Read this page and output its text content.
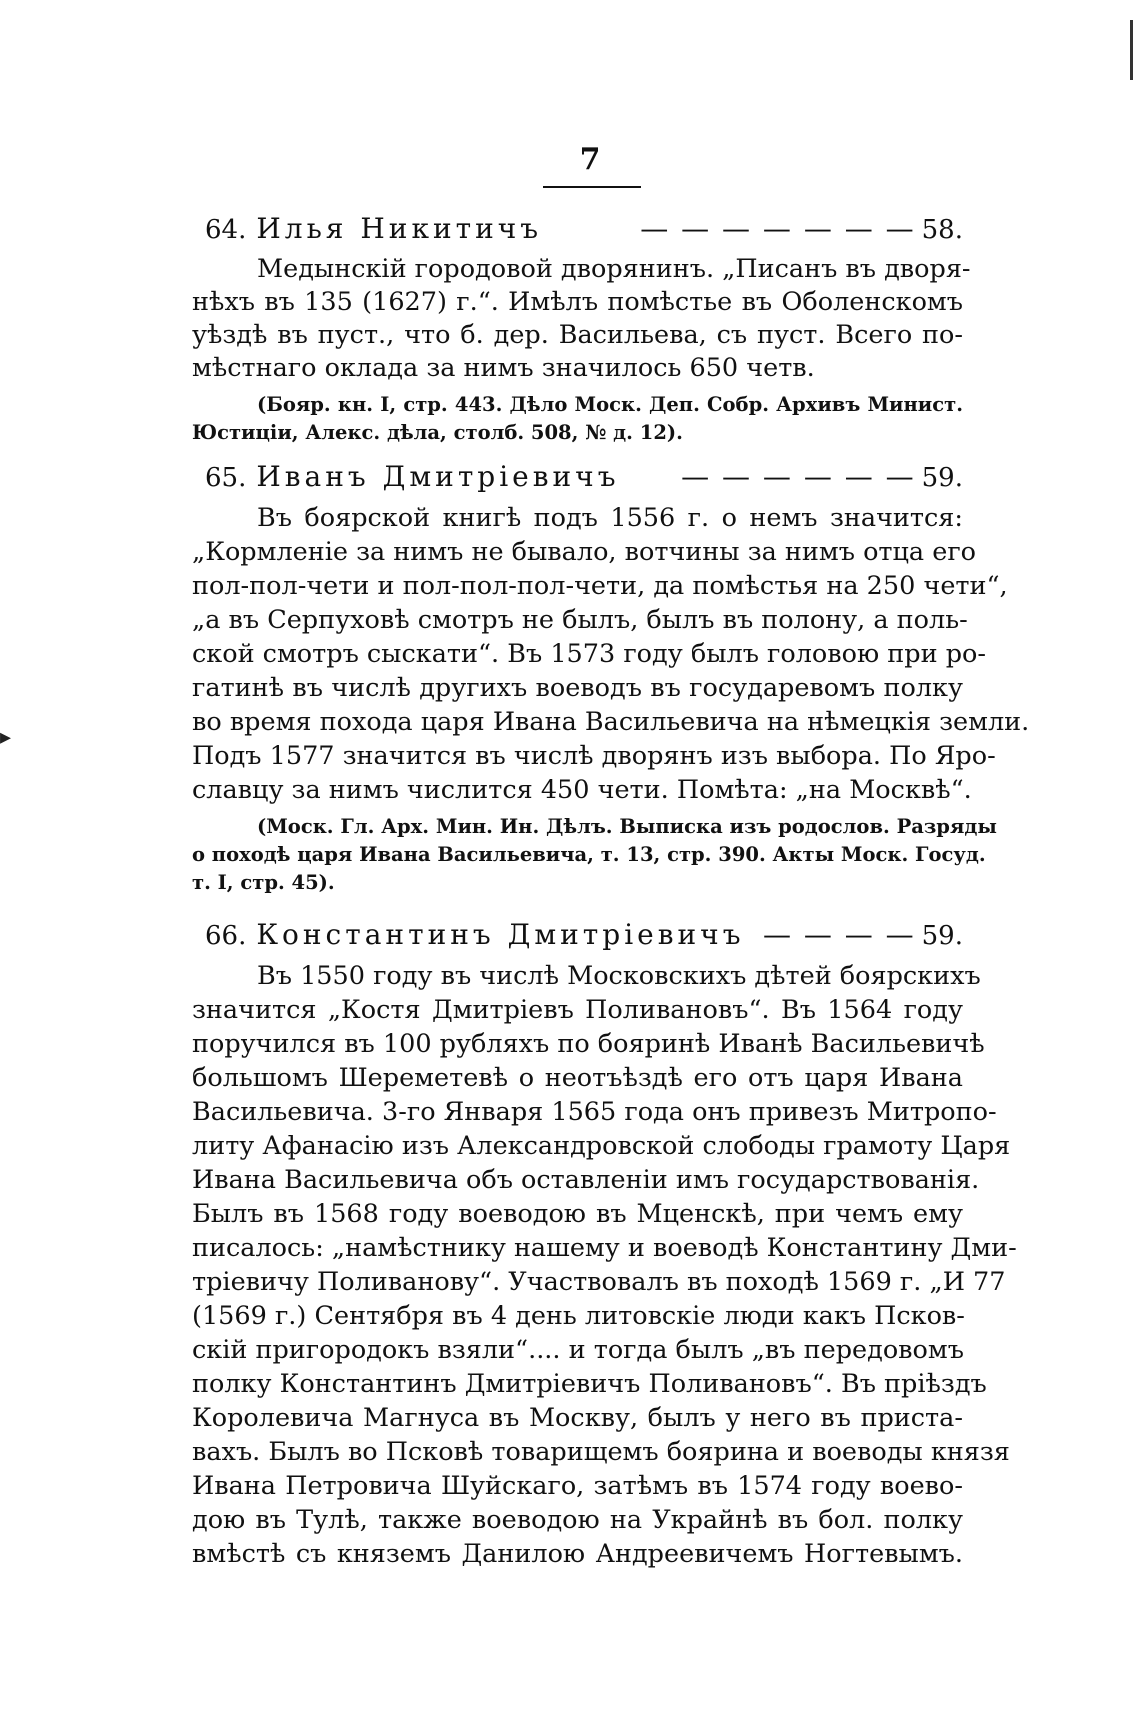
7
64. Илья Никитичъ	— — — — — — — 58.
Медынскій городовой дворянинъ. „Писанъ въ дворя-
нѣхъ въ 135 (1627) г.“. Имѣлъ помѣстье въ Оболенскомъ
уѣздѣ въ пуст., что б. дер. Васильева, съ пуст. Всего по-
мѣстнаго оклада за нимъ значилось 650 четв.
(Бояр. кн. I, стр. 443. Дѣло Моск. Деп. Собр. Архивъ Минист.
Юстиціи, Алекс. дѣла, столб. 508, № д. 12).
65. Иванъ Дмитріевичъ	— — — — — — 59.
Въ боярской книгѣ подъ 1556 г. о немъ значится:
„Кормленіе за нимъ не бывало, вотчины за нимъ отца его
пол-пол-чети и пол-пол-пол-чети, да помѣстья на 250 чети“,
„а въ Серпуховѣ смотръ не былъ, былъ въ полону, а поль-
ской смотръ сыскати“. Въ 1573 году былъ головою при ро-
гатинѣ въ числѣ другихъ воеводъ въ государевомъ полку
во время похода царя Ивана Васильевича на нѣмецкія земли.
Подъ 1577 значится въ числѣ дворянъ изъ выбора. По Яро-
славцу за нимъ числится 450 чети. Помѣта: „на Москвѣ“.
(Моск. Гл. Арх. Мин. Ин. Дѣлъ. Выписка изъ родослов. Разряды
о походѣ царя Ивана Васильевича, т. 13, стр. 390. Акты Моск. Госуд.
т. I, стр. 45).
66. Константинъ Дмитріевичъ — — — — 59.
Въ 1550 году въ числѣ Московскихъ дѣтей боярскихъ
значится „Костя Дмитріевъ Поливановъ“. Въ 1564 году
поручился въ 100 рубляхъ по бояринѣ Иванѣ Васильевичѣ
большомъ Шереметевѣ о неотъѣздѣ его отъ царя Ивана
Васильевича. 3-го Января 1565 года онъ привезъ Митропо-
литу Афанасію изъ Александровской слободы грамоту Царя
Ивана Васильевича объ оставленіи имъ государствованія.
Былъ въ 1568 году воеводою въ Мценскѣ, при чемъ ему
писалось: „намѣстнику нашему и воеводѣ Константину Дми-
тріевичу Поливанову“. Участвовалъ въ походѣ 1569 г. „И 77
(1569 г.) Сентября въ 4 день литовскіе люди какъ Псков-
скій пригородокъ взяли“.... и тогда былъ „въ передовомъ
полку Константинъ Дмитріевичъ Поливановъ“. Въ пріѣздъ
Королевича Магнуса въ Москву, былъ у него въ приста-
вахъ. Былъ во Псковѣ товарищемъ боярина и воеводы князя
Ивана Петровича Шуйскаго, затѣмъ въ 1574 году воево-
дою въ Тулѣ, также воеводою на Украйнѣ въ бол. полку
вмѣстѣ съ княземъ Данилою Андреевичемъ Ногтевымъ.
▸
